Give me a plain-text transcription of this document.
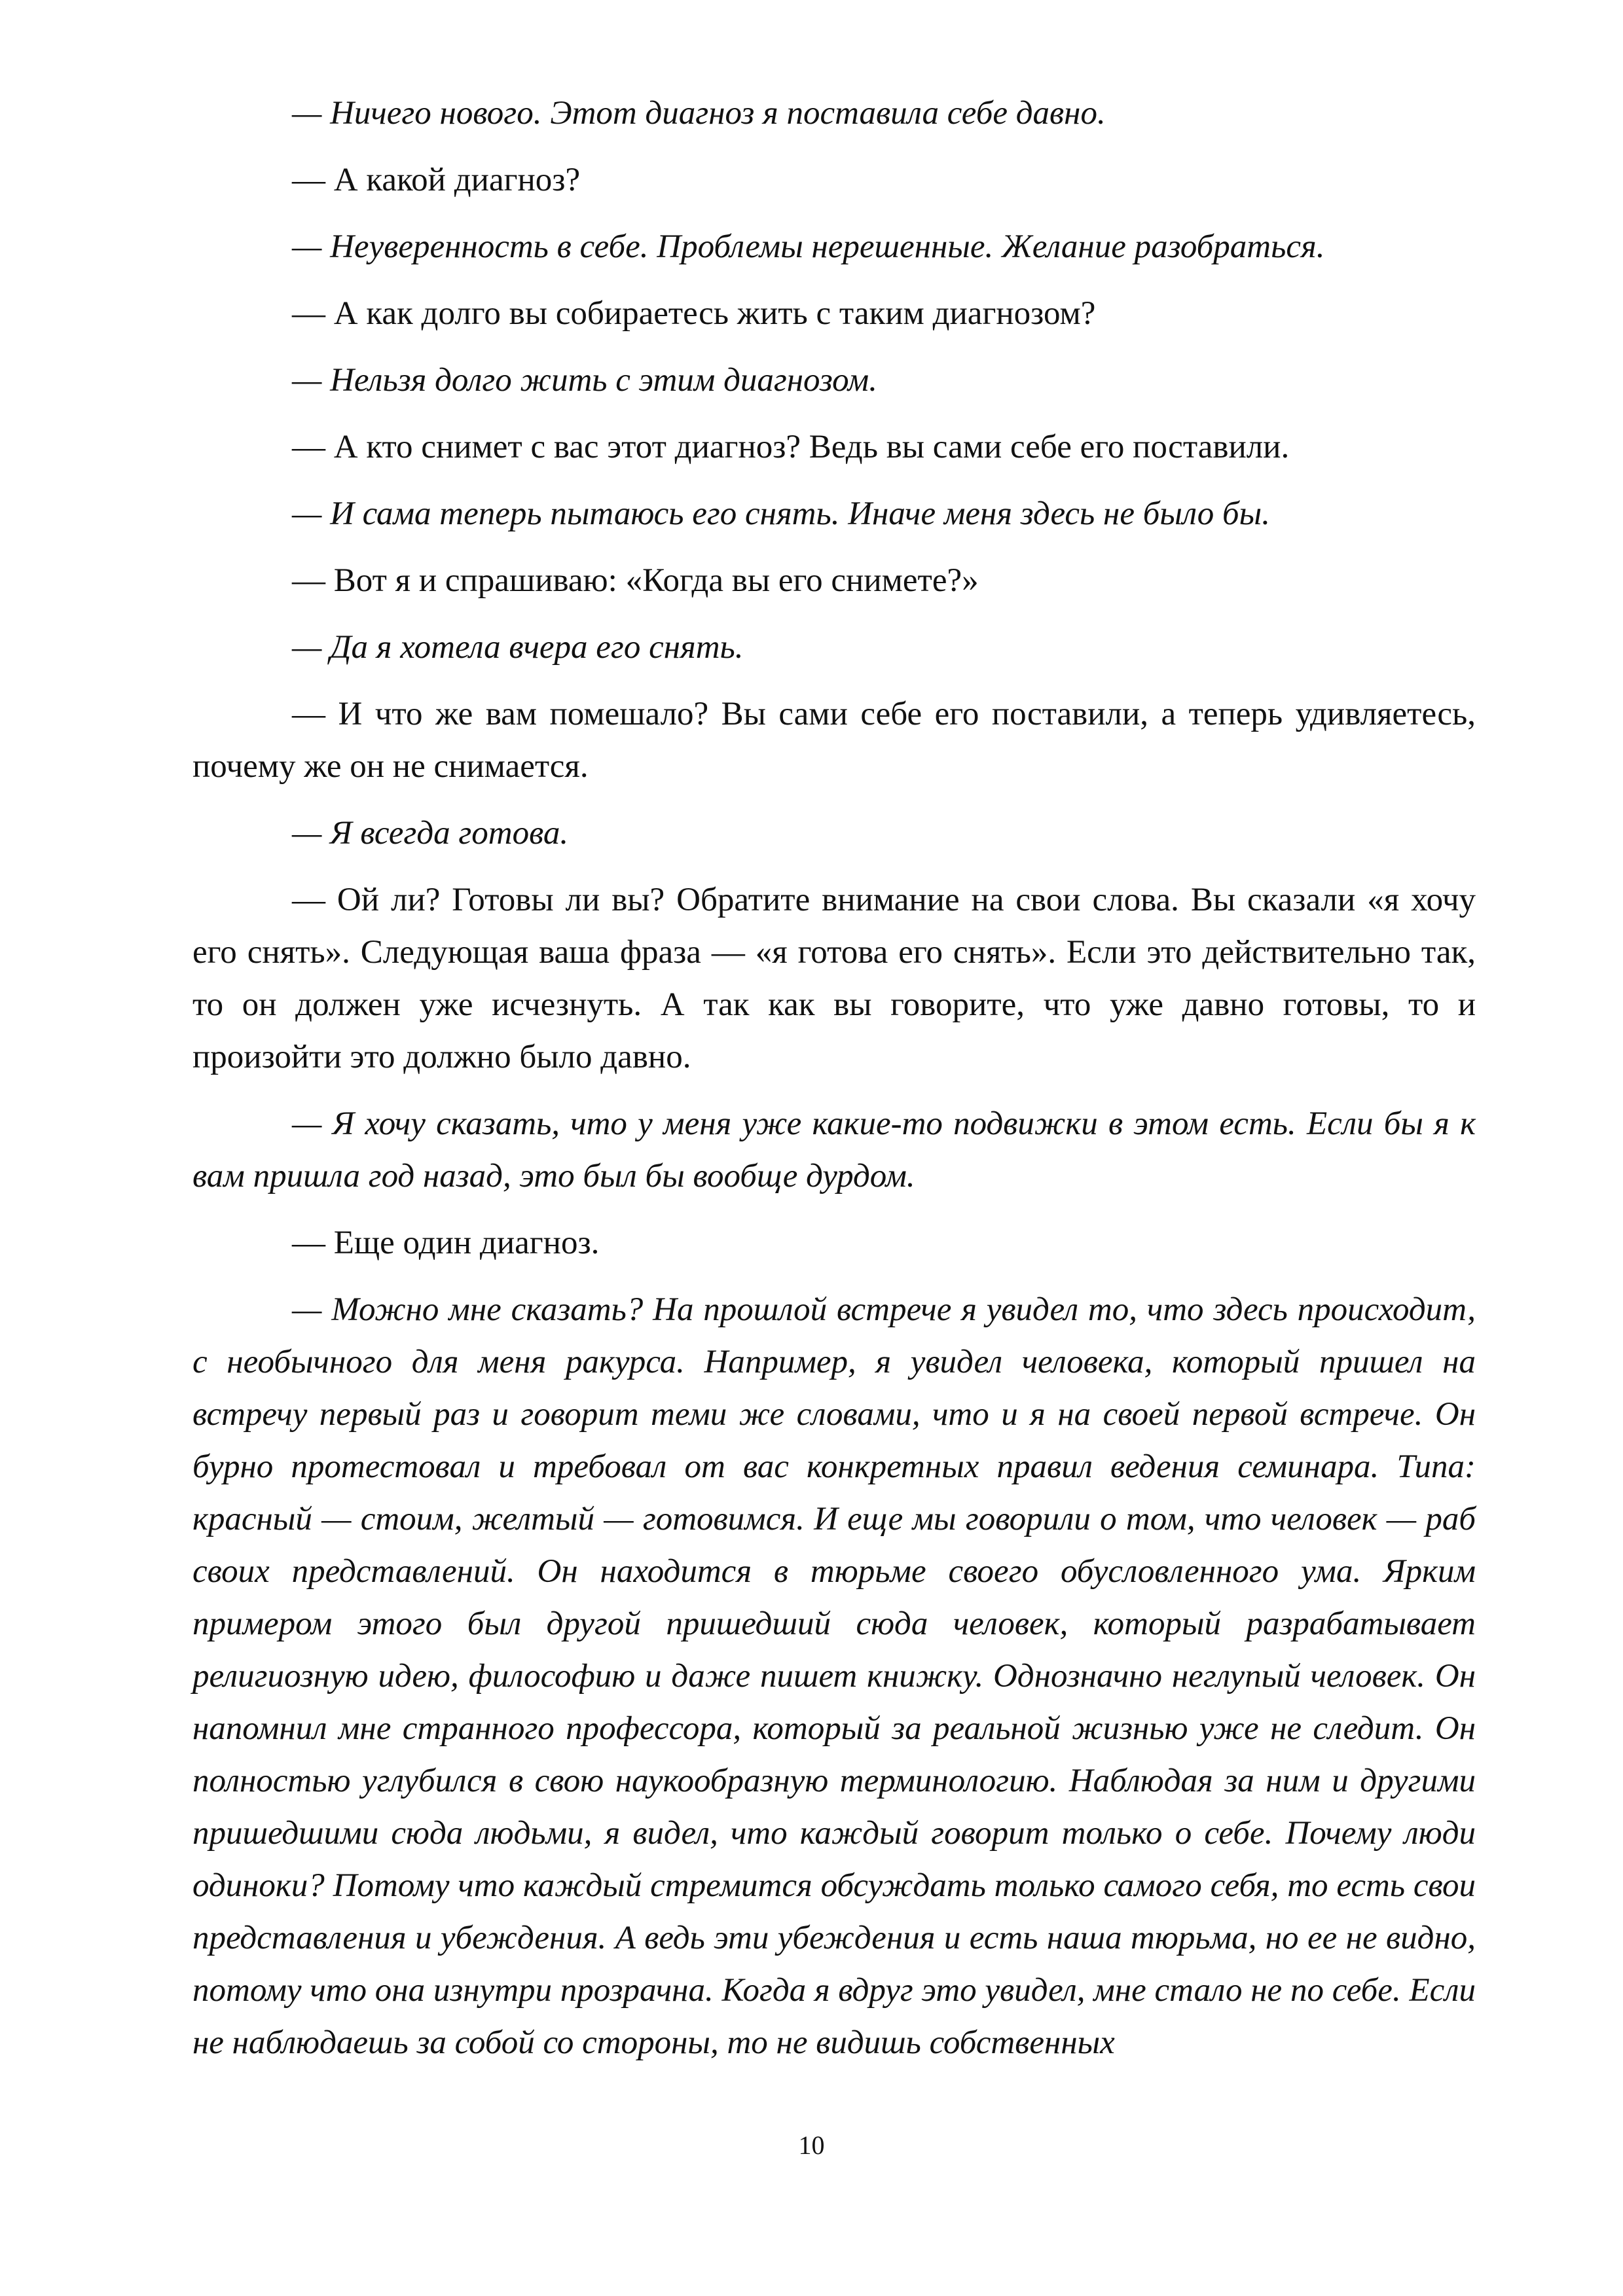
— Ничего нового. Этот диагноз я поставила себе давно.

— А какой диагноз?

— Неуверенность в себе. Проблемы нерешенные. Желание разобраться.

— А как долго вы собираетесь жить с таким диагнозом?

— Нельзя долго жить с этим диагнозом.

— А кто снимет с вас этот диагноз? Ведь вы сами себе его поставили.

— И сама теперь пытаюсь его снять. Иначе меня здесь не было бы.

— Вот я и спрашиваю: «Когда вы его снимете?»

— Да я хотела вчера его снять.

— И что же вам помешало? Вы сами себе его поставили, а теперь удивляетесь, почему же он не снимается.

— Я всегда готова.

— Ой ли? Готовы ли вы? Обратите внимание на свои слова. Вы сказали «я хочу его снять». Следующая ваша фраза — «я готова его снять». Если это действительно так, то он должен уже исчезнуть. А так как вы говорите, что уже давно готовы, то и произойти это должно было давно.

— Я хочу сказать, что у меня уже какие-то подвижки в этом есть. Если бы я к вам пришла год назад, это был бы вообще дурдом.

— Еще один диагноз.

— Можно мне сказать? На прошлой встрече я увидел то, что здесь происходит, с необычного для меня ракурса. Например, я увидел человека, который пришел на встречу первый раз и говорит теми же словами, что и я на своей первой встрече. Он бурно протестовал и требовал от вас конкретных правил ведения семинара. Типа: красный — стоим, желтый — готовимся. И еще мы говорили о том, что человек — раб своих представлений. Он находится в тюрьме своего обусловленного ума. Ярким примером этого был другой пришедший сюда человек, который разрабатывает религиозную идею, философию и даже пишет книжку. Однозначно неглупый человек. Он напомнил мне странного профессора, который за реальной жизнью уже не следит. Он полностью углубился в свою наукообразную терминологию. Наблюдая за ним и другими пришедшими сюда людьми, я видел, что каждый говорит только о себе. Почему люди одиноки? Потому что каждый стремится обсуждать только самого себя, то есть свои представления и убеждения. А ведь эти убеждения и есть наша тюрьма, но ее не видно, потому что она изнутри прозрачна. Когда я вдруг это увидел, мне стало не по себе. Если не наблюдаешь за собой со стороны, то не видишь собственных

10
